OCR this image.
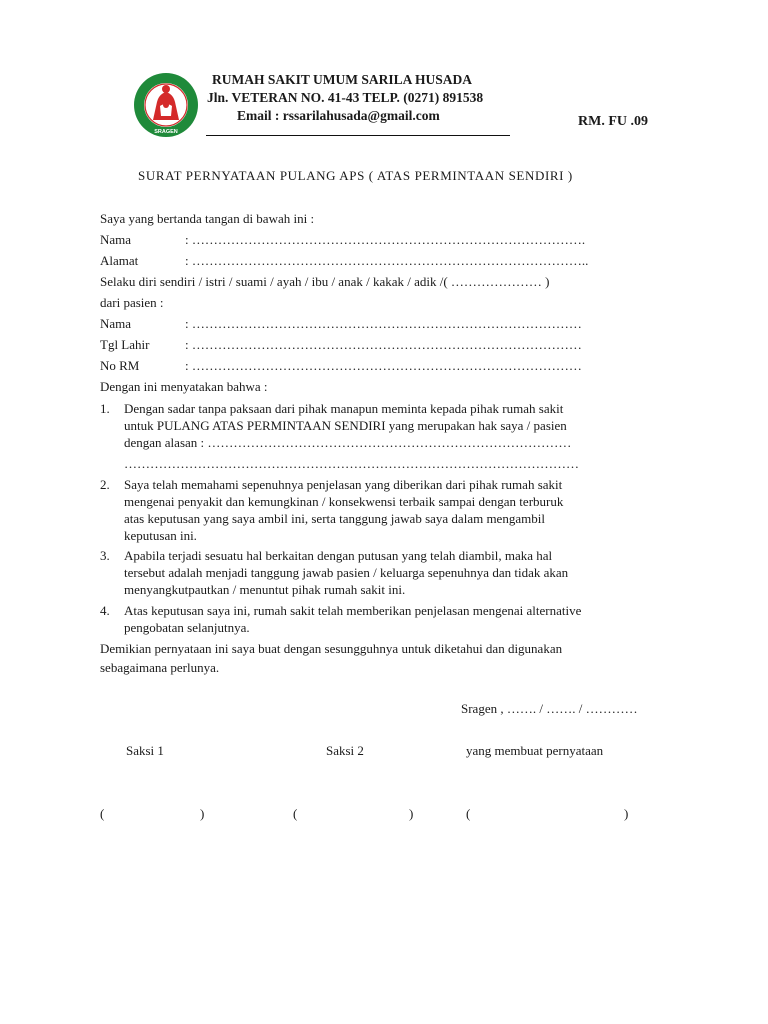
SRAGEN
RUMAH SAKIT UMUM SARILA HUSADA
Jln. VETERAN NO. 41-43 TELP. (0271) 891538
Email : rssarilahusada@gmail.com	RM. FU .09
SURAT PERNYATAAN PULANG APS ( ATAS PERMINTAAN SENDIRI )
Saya yang bertanda tangan di bawah ini :
Nama	: ……………………………………………………………………………….
Alamat	: ………………………………………………………………………………..
Selaku diri sendiri / istri / suami / ayah / ibu / anak / kakak / adik /( ………………… )
dari pasien :
Nama	: ………………………………………………………………………………
Tgl Lahir	: ………………………………………………………………………………
No RM	: ………………………………………………………………………………
Dengan ini menyatakan bahwa :
1. Dengan sadar tanpa paksaan dari pihak manapun meminta kepada pihak rumah sakit
untuk PULANG ATAS PERMINTAAN SENDIRI yang merupakan hak saya / pasien
dengan alasan : …………………………………………………………………………
……………………………………………………………………………………………
2. Saya telah memahami sepenuhnya penjelasan yang diberikan dari pihak rumah sakit
mengenai penyakit dan kemungkinan / konsekwensi terbaik sampai dengan terburuk
atas keputusan yang saya ambil ini, serta tanggung jawab saya dalam mengambil
keputusan ini.
3. Apabila terjadi sesuatu hal berkaitan dengan putusan yang telah diambil, maka hal
tersebut adalah menjadi tanggung jawab pasien / keluarga sepenuhnya dan tidak akan
menyangkutpautkan / menuntut pihak rumah sakit ini.
4. Atas keputusan saya ini, rumah sakit telah memberikan penjelasan mengenai alternative
pengobatan selanjutnya.
Demikian pernyataan ini saya buat dengan sesungguhnya untuk diketahui dan digunakan
sebagaimana perlunya.
Sragen , ……. / ……. / …………
Saksi 1	Saksi 2	yang membuat pernyataan
(	)	(	)	(	)
